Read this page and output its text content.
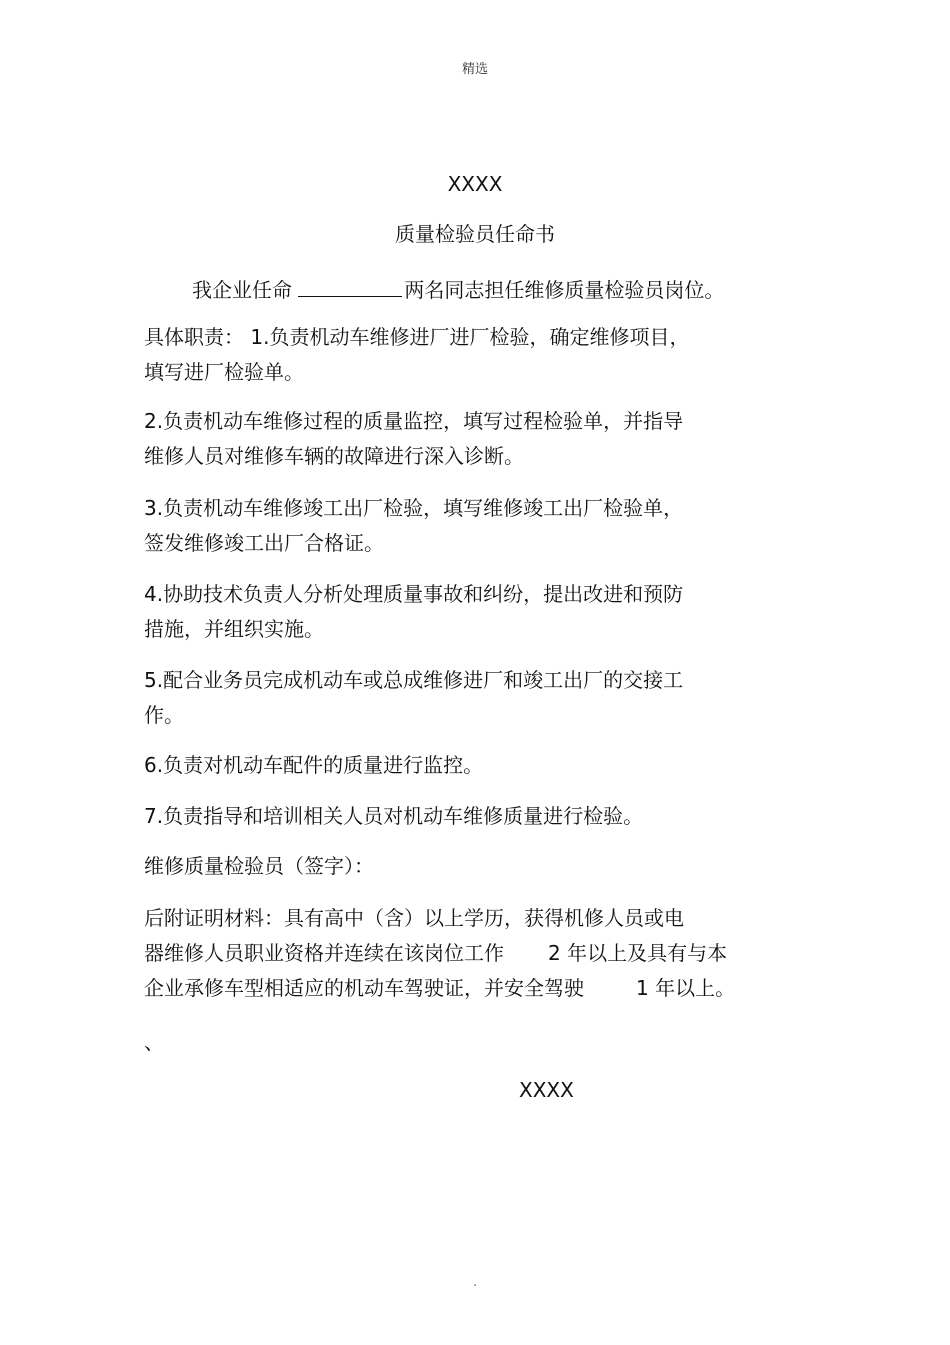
精选
XXXX
质量检验员任命书
我企业任命	两名同志担任维修质量检验员岗位。
具体职责： 1.负责机动车维修进厂进厂检验，确定维修项目，
填写进厂检验单。
2.负责机动车维修过程的质量监控，填写过程检验单，并指导
维修人员对维修车辆的故障进行深入诊断。
3.负责机动车维修竣工出厂检验，填写维修竣工出厂检验单，
签发维修竣工出厂合格证。
4.协助技术负责人分析处理质量事故和纠纷，提出改进和预防
措施，并组织实施。
5.配合业务员完成机动车或总成维修进厂和竣工出厂的交接工
作。
6.负责对机动车配件的质量进行监控。
7.负责指导和培训相关人员对机动车维修质量进行检验。
维修质量检验员（签字）：
后附证明材料：具有高中（含）以上学历，获得机修人员或电
器维修人员职业资格并连续在该岗位工作 2 年以上及具有与本
企业承修车型相适应的机动车驾驶证，并安全驾驶	1 年以上。
、
XXXX
.
